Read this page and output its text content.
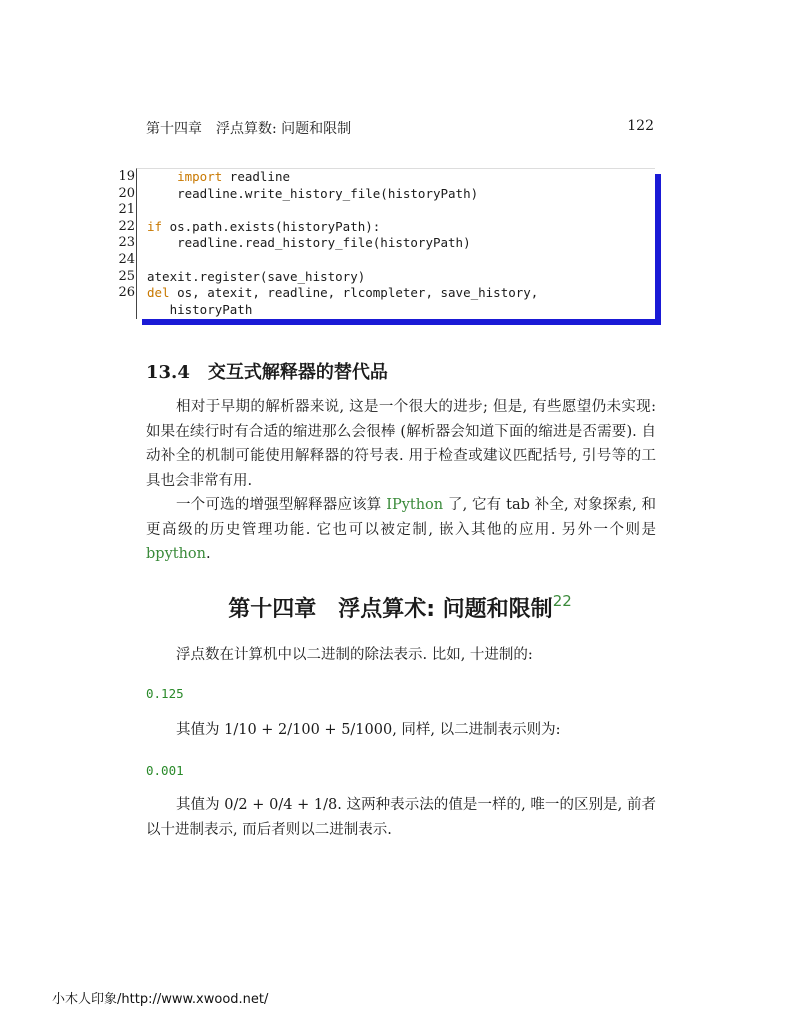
第十四章　浮点算数: 问题和限制	122
19 import readline
20 readline.write_history_file(historyPath)
21
22 if os.path.exists(historyPath):
23 readline.read_history_file(historyPath)
24
25 atexit.register(save_history)
26 del os, atexit, readline, rlcompleter, save_history,
historyPath
13.4 交互式解释器的替代品
相对于早期的解析器来说, 这是一个很大的进步; 但是, 有些愿望仍未实现: 如果在续行时有合适的缩进那么会很棒 (解析器会知道下面的缩进是否需要). 自动补全的机制可能使用解释器的符号表. 用于检查或建议匹配括号, 引号等的工具也会非常有用.
一个可选的增强型解释器应该算 IPython 了, 它有 tab 补全, 对象探索, 和更高级的历史管理功能. 它也可以被定制, 嵌入其他的应用. 另外一个则是 bpython.
第十四章　浮点算术: 问题和限制$^{22}$
浮点数在计算机中以二进制的除法表示. 比如, 十进制的:
0.125
其值为 1/10 + 2/100 + 5/1000, 同样, 以二进制表示则为:
0.001
其值为 0/2 + 0/4 + 1/8. 这两种表示法的值是一样的, 唯一的区别是, 前者以十进制表示, 而后者则以二进制表示.
小木人印象/http://www.xwood.net/
